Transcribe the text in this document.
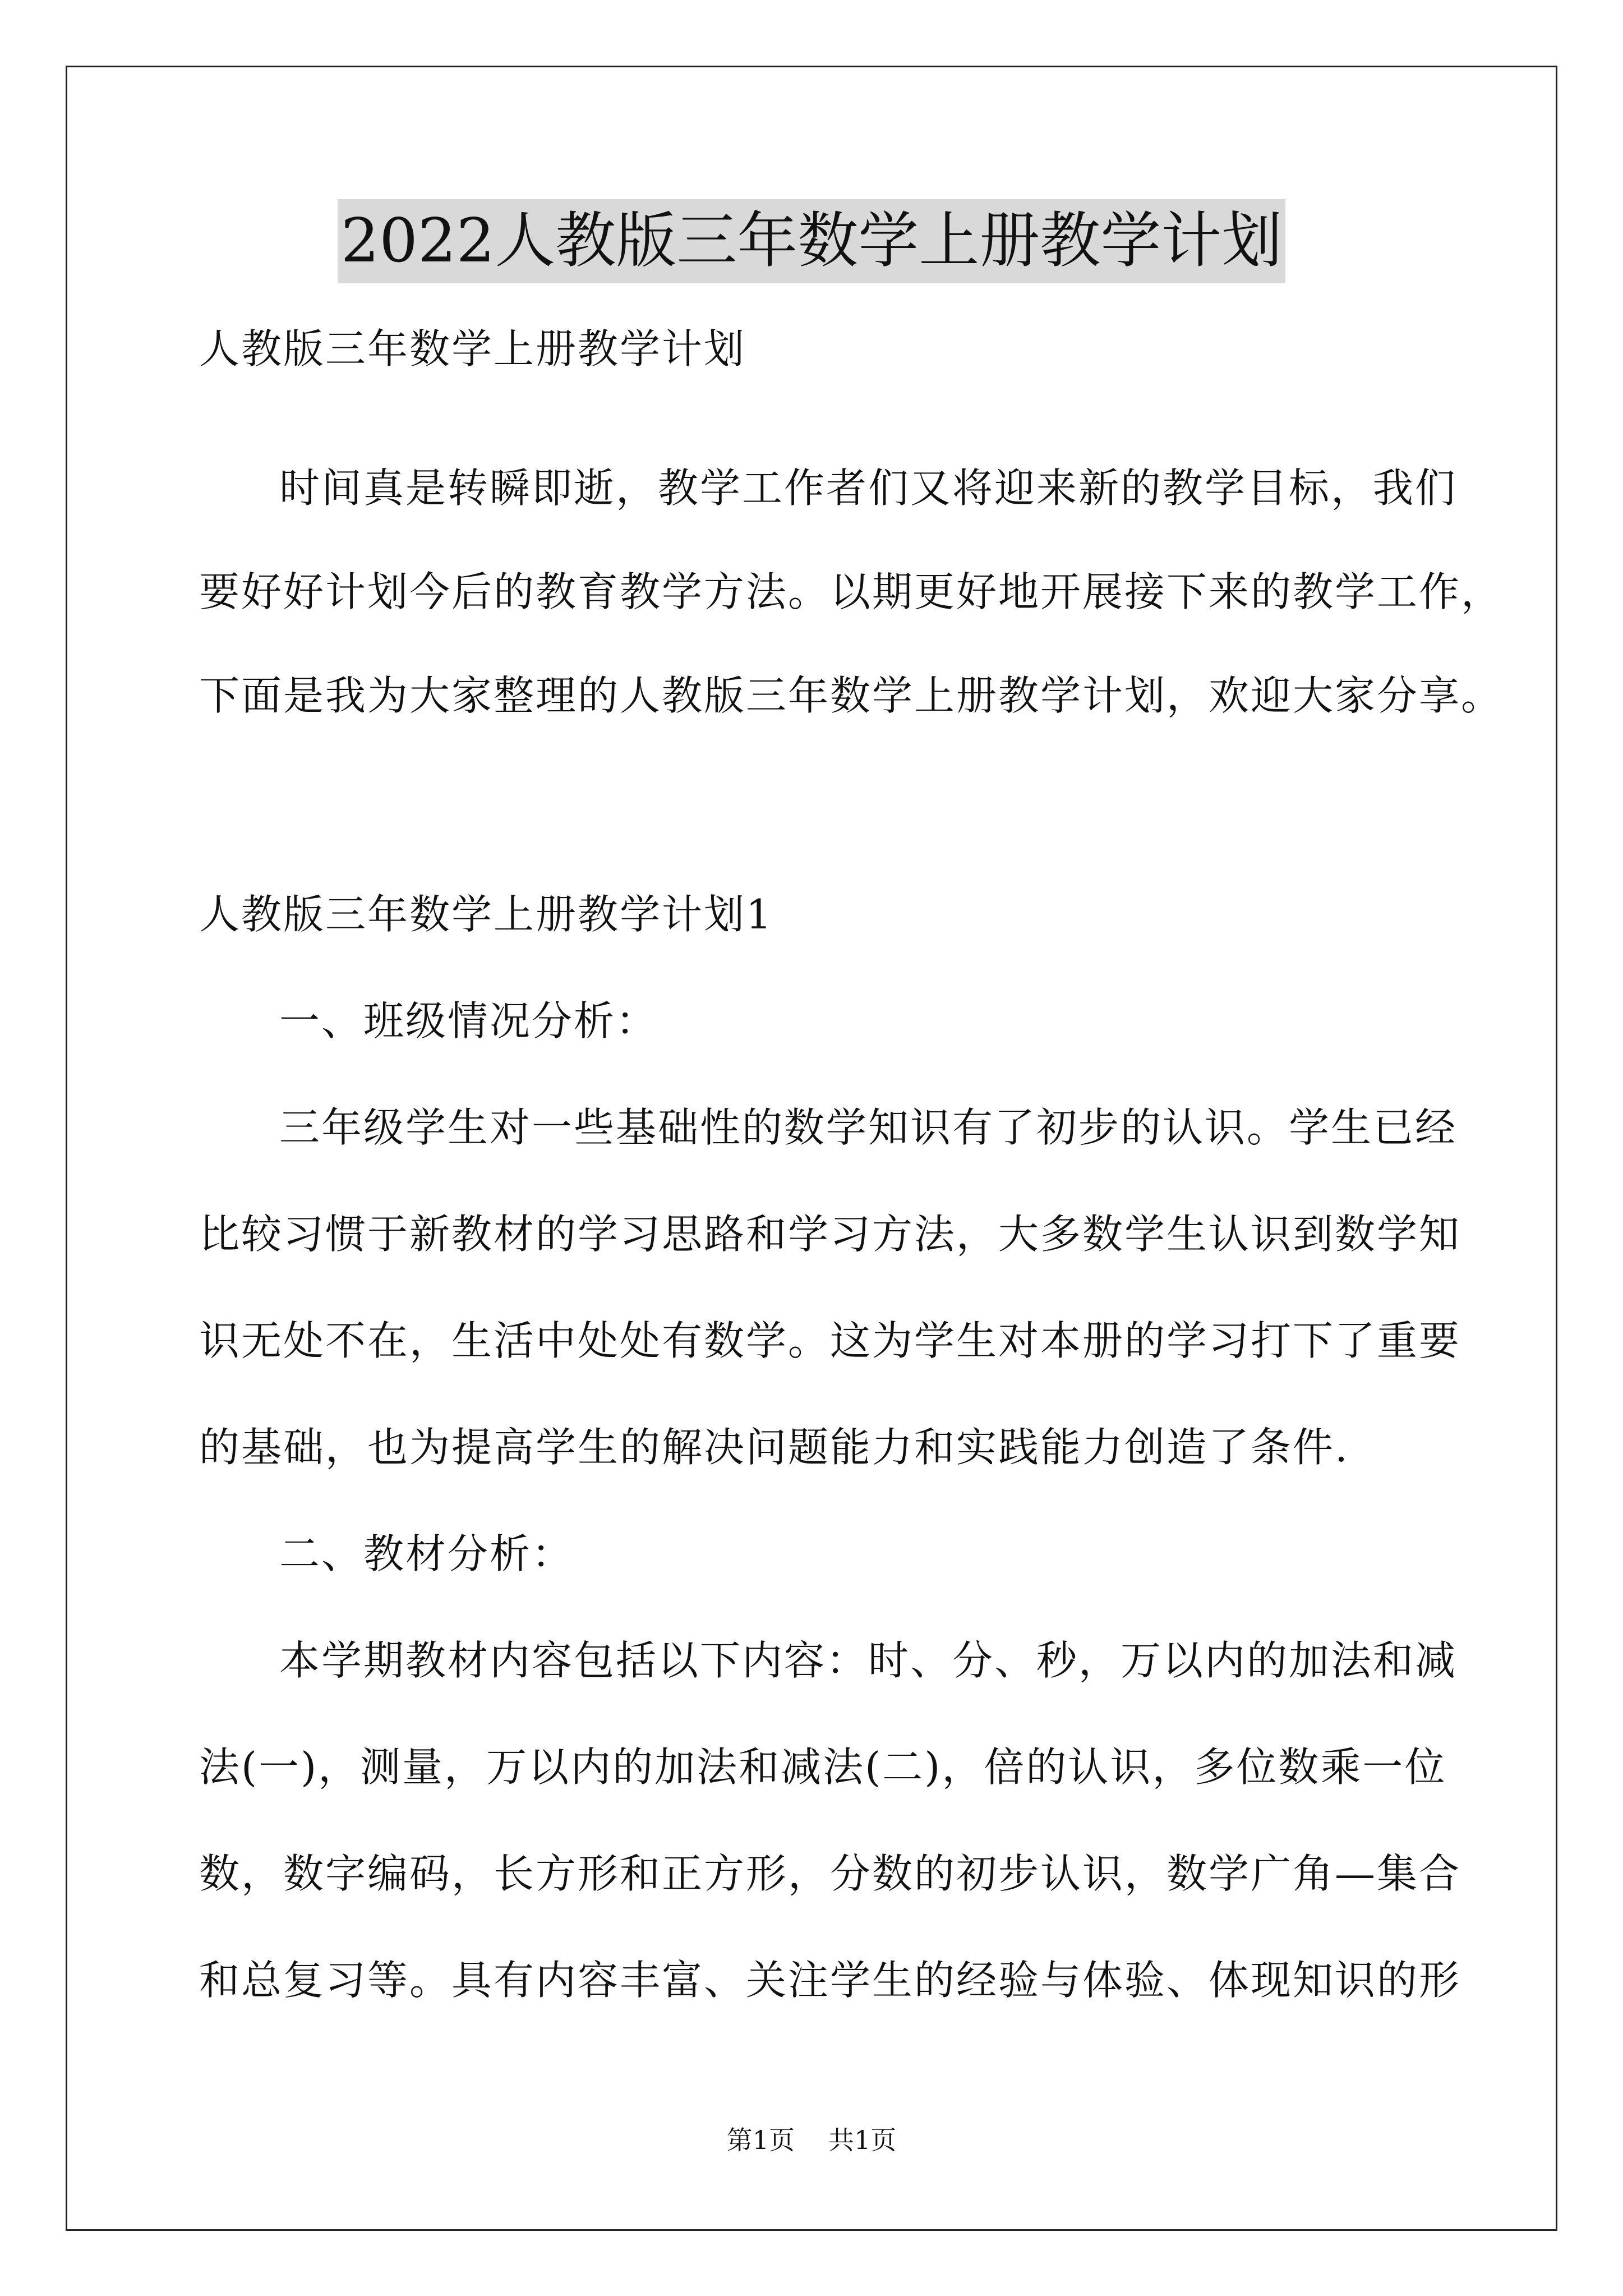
2022人教版三年数学上册教学计划
人教版三年数学上册教学计划
时间真是转瞬即逝，教学工作者们又将迎来新的教学目标，我们
要好好计划今后的教育教学方法。以期更好地开展接下来的教学工作，
下面是我为大家整理的人教版三年数学上册教学计划，欢迎大家分享。
人教版三年数学上册教学计划1
一、班级情况分析：
三年级学生对一些基础性的数学知识有了初步的认识。学生已经
比较习惯于新教材的学习思路和学习方法，大多数学生认识到数学知
识无处不在，生活中处处有数学。这为学生对本册的学习打下了重要
的基础，也为提高学生的解决问题能力和实践能力创造了条件.
二、教材分析：
本学期教材内容包括以下内容：时、分、秒，万以内的加法和减
法(一)，测量，万以内的加法和减法(二)，倍的认识，多位数乘一位
数，数字编码，长方形和正方形，分数的初步认识，数学广角—集合
和总复习等。具有内容丰富、关注学生的经验与体验、体现知识的形
第1页 共1页
